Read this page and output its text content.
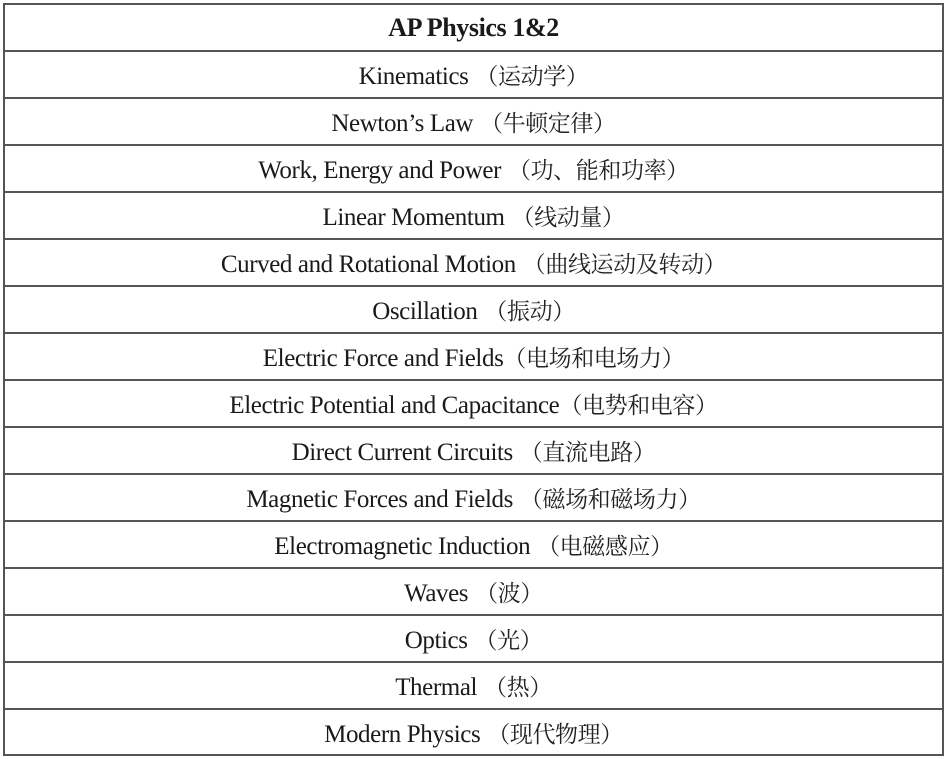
AP Physics 1&2
Kinematics （运动学）
Newton’s Law （牛顿定律）
Work, Energy and Power （功、能和功率）
Linear Momentum （线动量）
Curved and Rotational Motion （曲线运动及转动）
Oscillation （振动）
Electric Force and Fields（电场和电场力）
Electric Potential and Capacitance（电势和电容）
Direct Current Circuits （直流电路）
Magnetic Forces and Fields （磁场和磁场力）
Electromagnetic Induction （电磁感应）
Waves （波）
Optics （光）
Thermal （热）
Modern Physics （现代物理）
